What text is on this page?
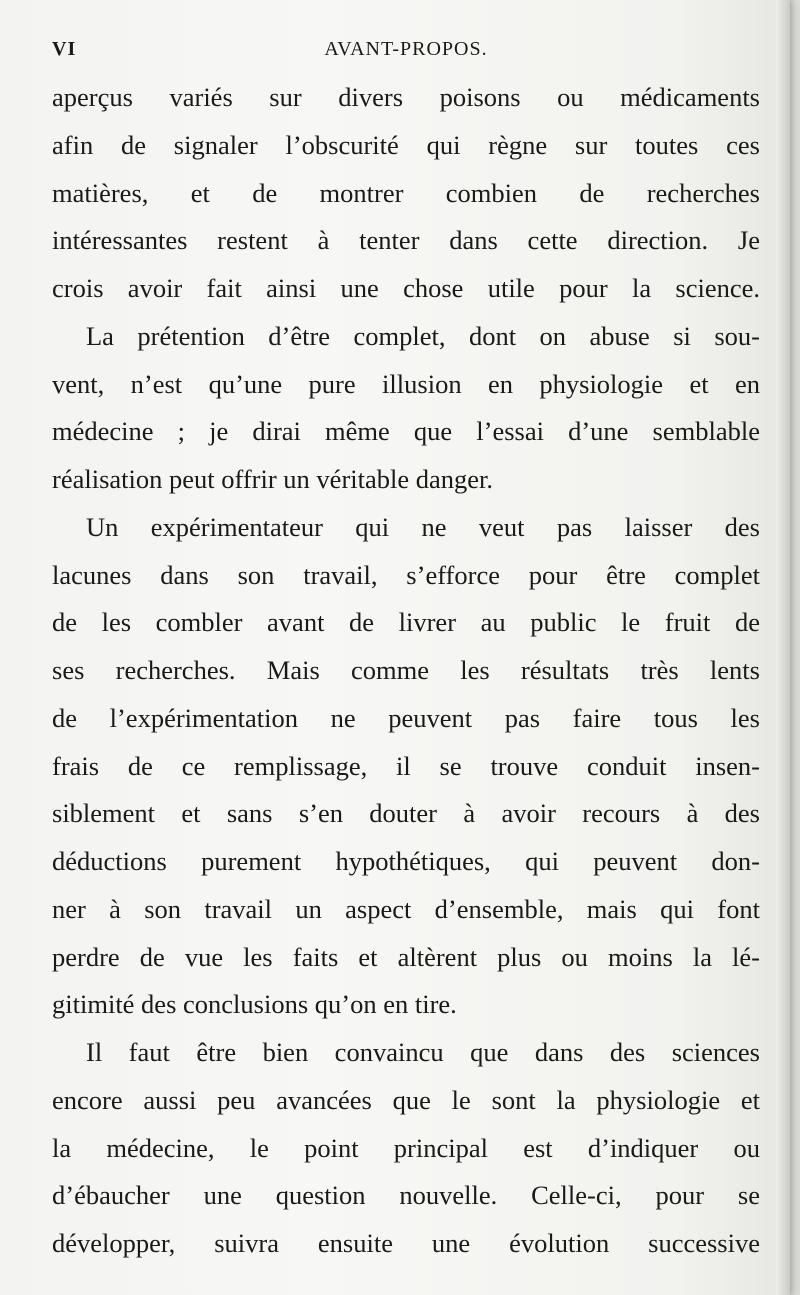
VI	AVANT-PROPOS.
aperçus variés sur divers poisons ou médicaments
afin de signaler l’obscurité qui règne sur toutes ces
matières, et de montrer combien de recherches
intéressantes restent à tenter dans cette direction. Je
crois avoir fait ainsi une chose utile pour la science.
La prétention d’être complet, dont on abuse si sou-
vent, n’est qu’une pure illusion en physiologie et en
médecine ; je dirai même que l’essai d’une semblable
réalisation peut offrir un véritable danger.
Un expérimentateur qui ne veut pas laisser des
lacunes dans son travail, s’efforce pour être complet
de les combler avant de livrer au public le fruit de
ses recherches. Mais comme les résultats très lents
de l’expérimentation ne peuvent pas faire tous les
frais de ce remplissage, il se trouve conduit insen-
siblement et sans s’en douter à avoir recours à des
déductions purement hypothétiques, qui peuvent don-
ner à son travail un aspect d’ensemble, mais qui font
perdre de vue les faits et altèrent plus ou moins la lé-
gitimité des conclusions qu’on en tire.
Il faut être bien convaincu que dans des sciences
encore aussi peu avancées que le sont la physiologie et
la médecine, le point principal est d’indiquer ou
d’ébaucher une question nouvelle. Celle-ci, pour se
développer, suivra ensuite une évolution successive
